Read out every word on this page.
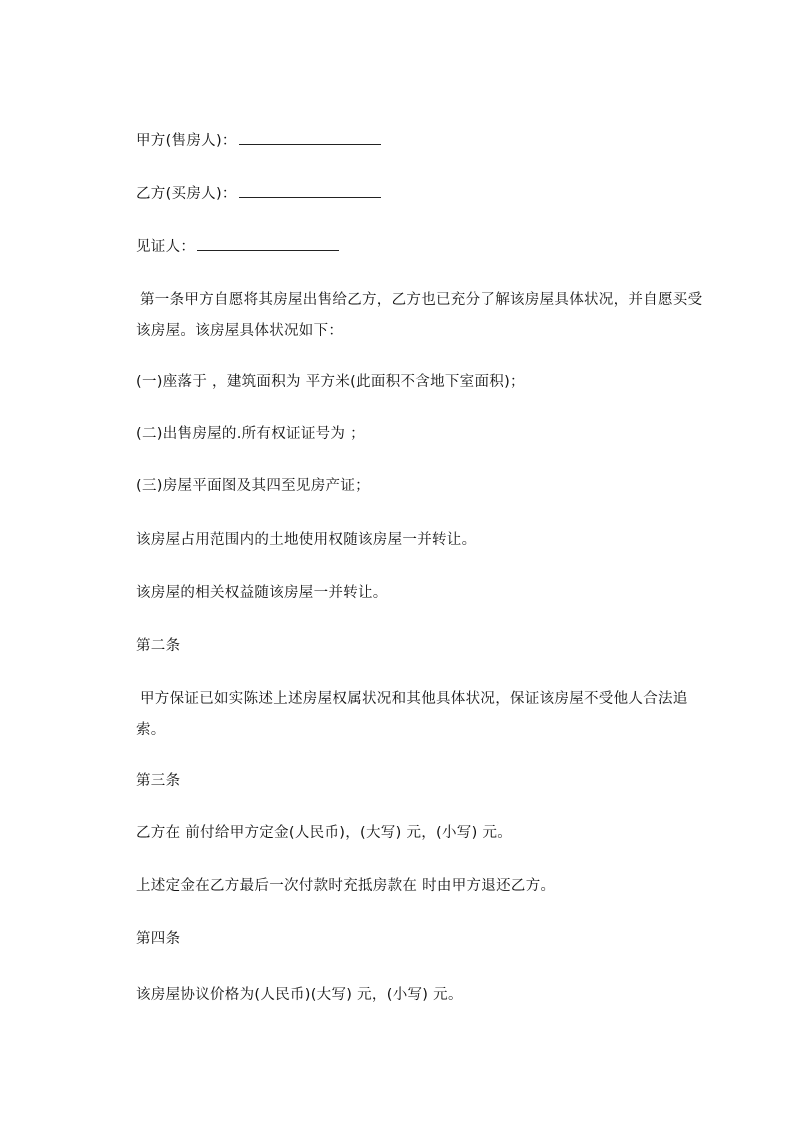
甲方(售房人)：
乙方(买房人)：
见证人：
第一条甲方自愿将其房屋出售给乙方，乙方也已充分了解该房屋具体状况，并自愿买受该房屋。该房屋具体状况如下：
(一)座落于 ，建筑面积为 平方米(此面积不含地下室面积)；
(二)出售房屋的.所有权证证号为 ；
(三)房屋平面图及其四至见房产证；
该房屋占用范围内的土地使用权随该房屋一并转让。
该房屋的相关权益随该房屋一并转让。
第二条
甲方保证已如实陈述上述房屋权属状况和其他具体状况，保证该房屋不受他人合法追索。
第三条
乙方在 前付给甲方定金(人民币)，(大写) 元，(小写) 元。
上述定金在乙方最后一次付款时充抵房款在 时由甲方退还乙方。
第四条
该房屋协议价格为(人民币)(大写) 元，(小写) 元。
